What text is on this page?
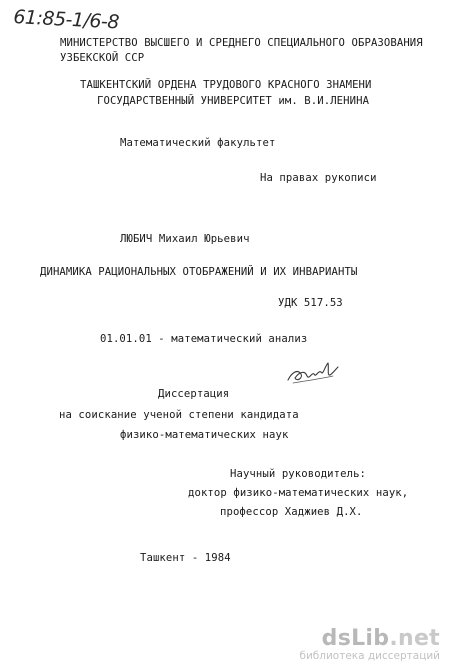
61:85-1/6-8
МИНИСТЕРСТВО ВЫСШЕГО И СРЕДНЕГО СПЕЦИАЛЬНОГО ОБРАЗОВАНИЯ
УЗБЕКСКОЙ ССР
ТАШКЕНТСКИЙ ОРДЕНА ТРУДОВОГО КРАСНОГО ЗНАМЕНИ
ГОСУДАРСТВЕННЫЙ УНИВЕРСИТЕТ им. В.И.ЛЕНИНА
Математический факультет
На правах рукописи
ЛЮБИЧ Михаил Юрьевич
ДИНАМИКА РАЦИОНАЛЬНЫХ ОТОБРАЖЕНИЙ И ИХ ИНВАРИАНТЫ
УДК 517.53
01.01.01 - математический анализ
Диссертация
на соискание ученой степени кандидата
физико-математических наук
Научный руководитель:
доктор физико-математических наук,
профессор Хаджиев Д.Х.
Ташкент - 1984
dsLib.net
библиотека диссертаций
